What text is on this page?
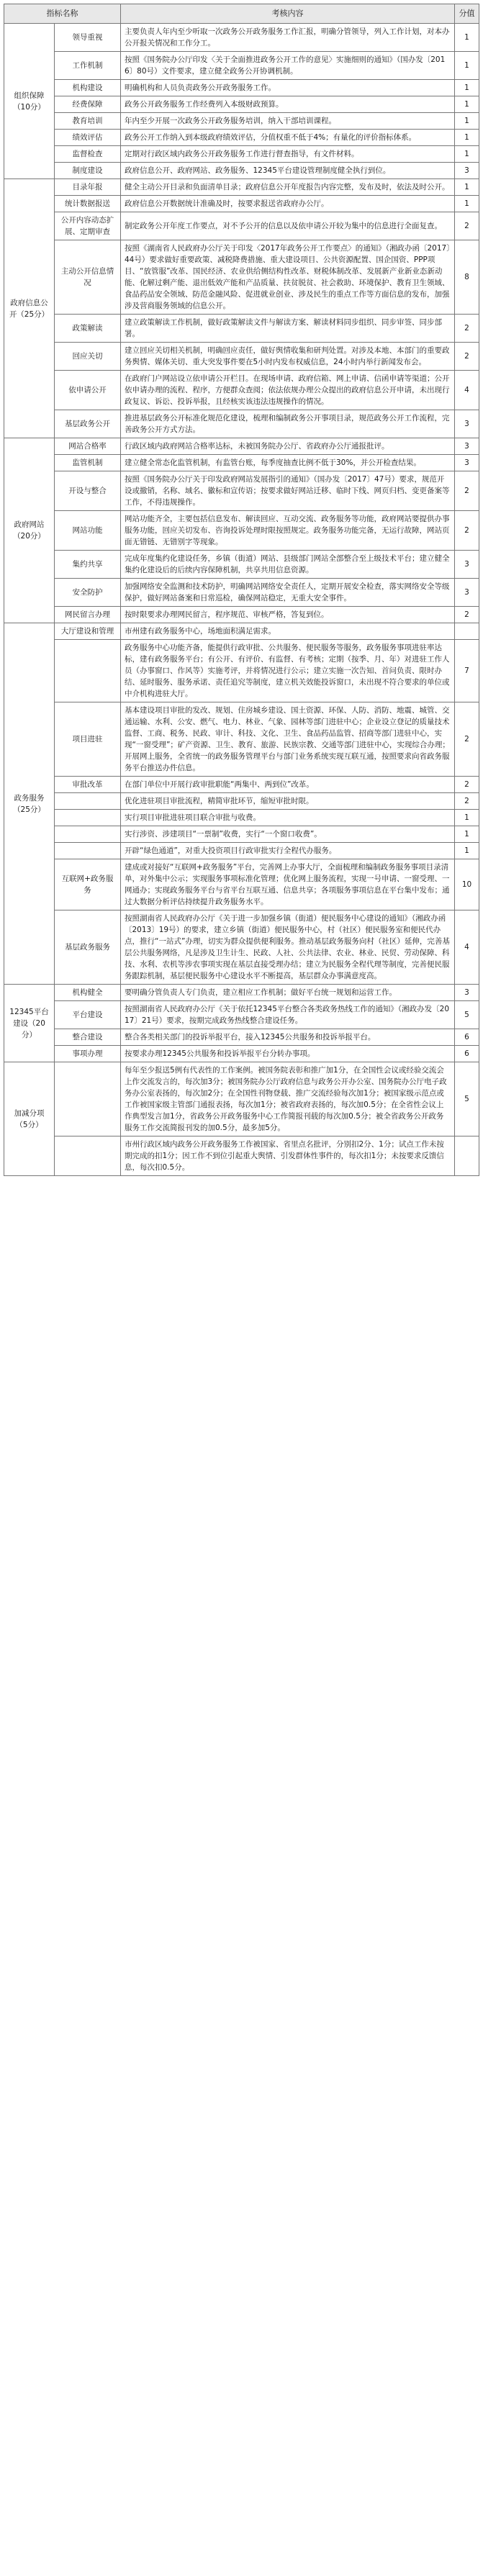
指标名称		考核内容	分值
组织保障（10分）	领导重视	主要负责人年内至少听取一次政务公开政务服务工作汇报，明确分管领导，列入工作计划，对本办公开报关情况和工作分工。	1
	工作机制	按照《国务院办公厅印发〈关于全面推进政务公开工作的意见〉实施细则的通知》（国办发〔2016〕80号）文件要求，建立健全政务公开协调机制。	1
	机构建设	明确机构和人员负责政务公开政务服务工作。	1
	经费保障	政务公开政务服务工作经费列入本级财政预算。	1
	教育培训	年内至少开展一次政务公开政务服务培训，纳入干部培训课程。	1
	绩效评估	政务公开工作纳入到本级政府绩效评估，分值权重不低于4%；有量化的评价指标体系。	1
	监督检查	定期对行政区域内政务公开政务服务工作进行督查指导，有文件材料。	1
	制度建设	政府信息公开、政府网站、政务服务、12345平台建设管理制度健全执行到位。	3
政府信息公开（25分）	目录年报	健全主动公开目录和负面清单目录；政府信息公开年度报告内容完整，发布及时，依法及时公开。	1
	统计数据报送	政府信息公开数据统计准确及时，按要求报送省政府办公厅。	1
	公开内容动态扩展、定期审查	制定政务公开年度工作要点，对不予公开的信息以及依申请公开较为集中的信息进行全面复查。	2
	主动公开信息情况	按照《湖南省人民政府办公厅关于印发〈2017年政务公开工作要点〉的通知》（湘政办函〔2017〕44号）要求做好重要政策、减税降费措施、重大建设项目、公共资源配置、国企国资、PPP项目、“放管服”改革、国民经济、农业供给侧结构性改革、财税体制改革、发展新产业新业态新动能、化解过剩产能、退出低效产能和产品质量、扶贫脱贫、社会救助、环境保护、教育卫生领域、食品药品安全领域、防范金融风险、促进就业创业、涉及民生的重点工作等方面信息的发布，加强涉及营商服务领域的信息公开。	8
	政策解读	建立政策解读工作机制，做好政策解读文件与解读方案、解读材料同步组织、同步审签、同步部署。	2
	回应关切	建立回应关切相关机制，明确回应责任，做好舆情收集和研判处置。对涉及本地、本部门的重要政务舆情、媒体关切、重大突发事件要在5小时内发布权威信息，24小时内举行新闻发布会。	2
	依申请公开	在政府门户网站设立依申请公开栏目。在现场申请、政府信箱、网上申请、信函申请等渠道；公开依申请办理的流程、程序，方便群众查阅；依法依规办理公众提出的政府信息公开申请，未出现行政复议、诉讼、投诉举报，且经核实该违法违规操作的情况。	4
	基层政务公开	推进基层政务公开标准化规范化建设，梳理和编制政务公开事项目录，规范政务公开工作流程，完善政务公开方式方法。	3
政府网站（20分）	网站合格率	行政区域内政府网站合格率达标，未被国务院办公厅、省政府办公厅通报批评。	3
	监管机制	建立健全常态化监管机制，有监管台账，每季度抽查比例不低于30%，并公开检查结果。	3
	开设与整合	按照《国务院办公厅关于印发政府网站发展指引的通知》（国办发〔2017〕47号）要求，规范开设或撤销，名称、域名、徽标和宣传语；按要求做好网站迁移、临时下线、网页归档、变更备案等工作，不得违规操作。	2
	网站功能	网站功能齐全，主要包括信息发布、解读回应、互动交流、政务服务等功能，政府网站要提供办事服务功能，回应关切发布、咨询投诉处理时限按照规定。政务服务功能完备，无运行故障，网站页面无错链、无错别字等现象。	2
	集约共享	完成年度集约化建设任务，乡镇（街道）网站、县级部门网站全部整合至上级技术平台；建立健全集约化建设后的后续内容保障机制，共享共用信息资源。	3
	安全防护	加强网络安全监测和技术防护，明确网站网络安全责任人，定期开展安全检查，落实网络安全等级保护，做好网站备案和日常巡检，确保网站稳定，无重大安全事件。	3
	网民留言办理	按时限要求办理网民留言，程序规范、审核严格，答复到位。	2
政务服务（25分）	大厅建设和管理	市州建有政务服务中心，场地面积满足需求。	
		政务服务中心功能齐备，能提供行政审批、公共服务、便民服务等服务，政务服务事项进驻率达标，建有政务服务平台；有公开、有评价、有监督、有考核；定期（按季、月、年）对进驻工作人员（办事窗口、作风等）实施考评，并将情况进行公示；建立实施一次告知、首问负责、限时办结、延时服务、服务承诺、责任追究等制度，建立机关效能投诉窗口，未出现不符合要求的单位或中介机构进驻大厅。	7
	项目进驻	基本建设项目审批的发改、规划、住房城乡建设、国土资源、环保、人防、消防、地震、城管、交通运输、水利、公安、燃气、电力、林业、气象、园林等部门进驻中心；企业设立登记的质量技术监督、工商、税务、民政、审计、科技、文化、卫生、食品药品监管、招商等部门进驻中心，实现“一窗受理”；矿产资源、卫生、教育、旅游、民族宗教、交通等部门进驻中心，实现综合办理；开展网上服务，全省统一的政务服务管理平台与部门业务系统实现互联互通，按照要求向省政务服务平台推送办件信息。	2
	审批改革	在部门单位中开展行政审批职能“两集中、两到位”改革。	2
		优化进驻项目审批流程，精简审批环节，缩短审批时限。	2
		实行项目审批进驻项目联合审批与收费。	1
		实行涉资、涉建项目“一票制”收费，实行“一个窗口收费”。	1
		开辟“绿色通道”，对重大投资项目行政审批实行全程代办服务。	1
	互联网+政务服务	建成或对接好“互联网+政务服务”平台，完善网上办事大厅，全面梳理和编制政务服务事项目录清单，对外集中公示；实现服务事项标准化管理；优化网上服务流程，实现一号申请、一窗受理、一网通办；实现政务服务平台与省平台互联互通、信息共享；各项服务事项信息在平台集中发布；通过大数据分析评估持续提升政务服务水平。	10
	基层政务服务	按照湖南省人民政府办公厅《关于进一步加强乡镇（街道）便民服务中心建设的通知》（湘政办函〔2013〕19号）的要求，建立乡镇（街道）便民服务中心，村（社区）便民服务室和便民代办点，推行“一站式”办理，切实为群众提供便利服务。推动基层政务服务向村（社区）延伸，完善基层公共服务网络，凡是涉及卫生计生、民政、人社、公共法律、农业、林业、民贸、劳动保障、科技、水利、农机等涉农事项实现在基层直接受理办结；建立为民服务全程代理等制度，完善便民服务跟踪机制，基层便民服务中心建设水平不断提高，基层群众办事满意度高。	4
12345平台建设（20分）	机构健全	要明确分管负责人专门负责，建立相应工作机制；做好平台统一规划和运营工作。	3
	平台建设	按照湖南省人民政府办公厅《关于依托12345平台整合各类政务热线工作的通知》（湘政办发〔2017〕21号）要求，按期完成政务热线整合建设任务。	5
	整合建设	整合各类相关部门的投诉举报平台，接入12345公共服务和投诉举报平台。	6
	事项办理	按要求办理12345公共服务和投诉举报平台分转办事项。	6
加减分项（5分）		每年至少报送5例有代表性的工作案例。被国务院表彰和推广加1分，在全国性会议或经验交流会上作交流发言的，每次加3分；被国务院办公厅政府信息与政务公开办公室、国务院办公厅电子政务办公室表扬的，每次加2分；在全国性刊物登载、推广交流经验每次加1分；被国家级示范点或工作被国家级主管部门通报表扬，每次加1分；被省政府表扬的，每次加0.5分；在全省性会议上作典型发言加1分，省政务公开政务服务中心工作简报刊载的每次加0.5分；被全省政务公开政务服务工作交流简报刊发的加0.5分，最多加5分。	5
		市州行政区域内政务公开政务服务工作被国家、省里点名批评，分别扣2分、1分；试点工作未按期完成的扣1分；因工作不到位引起重大舆情、引发群体性事件的，每次扣1分；未按要求反馈信息，每次扣0.5分。	
